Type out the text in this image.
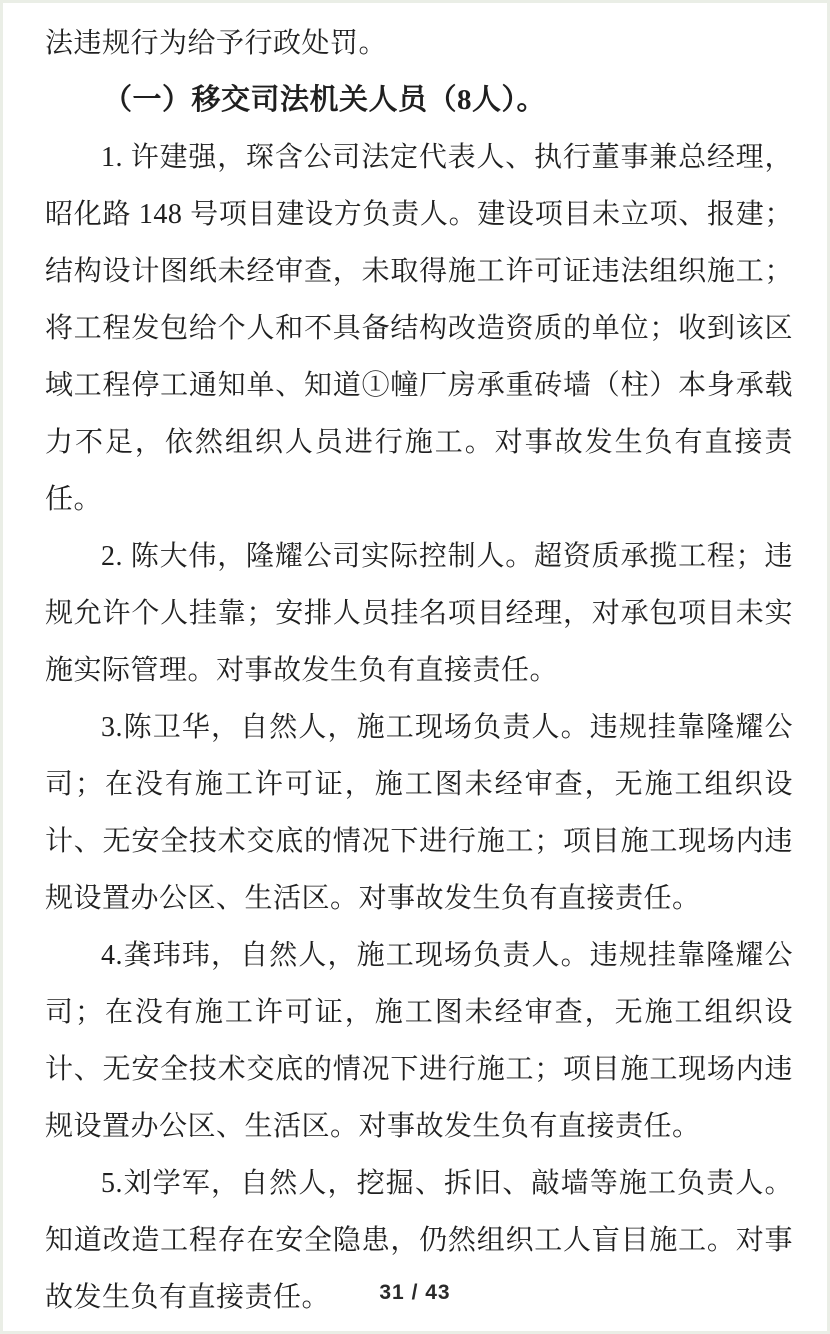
法违规行为给予行政处罚。

（一）移交司法机关人员（8人）。

1. 许建强，琛含公司法定代表人、执行董事兼总经理，昭化路 148 号项目建设方负责人。建设项目未立项、报建；结构设计图纸未经审查，未取得施工许可证违法组织施工；将工程发包给个人和不具备结构改造资质的单位；收到该区域工程停工通知单、知道①幢厂房承重砖墙（柱）本身承载力不足，依然组织人员进行施工。对事故发生负有直接责任。

2. 陈大伟，隆耀公司实际控制人。超资质承揽工程；违规允许个人挂靠；安排人员挂名项目经理，对承包项目未实施实际管理。对事故发生负有直接责任。

3.陈卫华，自然人，施工现场负责人。违规挂靠隆耀公司；在没有施工许可证，施工图未经审查，无施工组织设计、无安全技术交底的情况下进行施工；项目施工现场内违规设置办公区、生活区。对事故发生负有直接责任。

4.龚玮玮，自然人，施工现场负责人。违规挂靠隆耀公司；在没有施工许可证，施工图未经审查，无施工组织设计、无安全技术交底的情况下进行施工；项目施工现场内违规设置办公区、生活区。对事故发生负有直接责任。

5.刘学军，自然人，挖掘、拆旧、敲墙等施工负责人。知道改造工程存在安全隐患，仍然组织工人盲目施工。对事故发生负有直接责任。	31 / 43
